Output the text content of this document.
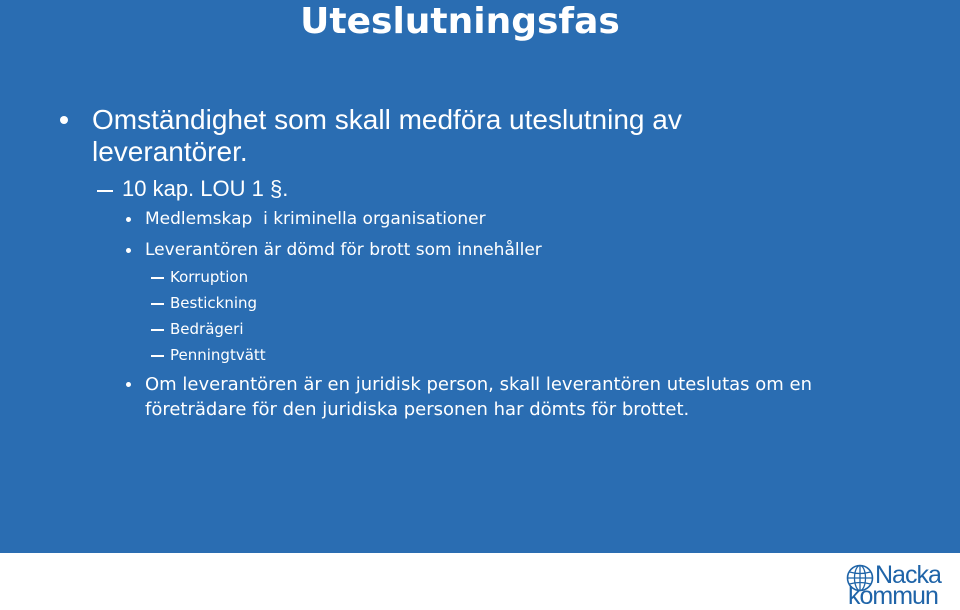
Uteslutningsfas
Omständighet som skall medföra uteslutning av leverantörer.
10 kap. LOU 1 §.
Medlemskap  i kriminella organisationer
Leverantören är dömd för brott som innehåller
Korruption
Bestickning
Bedrägeri
Penningtvätt
Om leverantören är en juridisk person, skall leverantören uteslutas om en företrädare för den juridiska personen har dömts för brottet.
Nacka
kommun
